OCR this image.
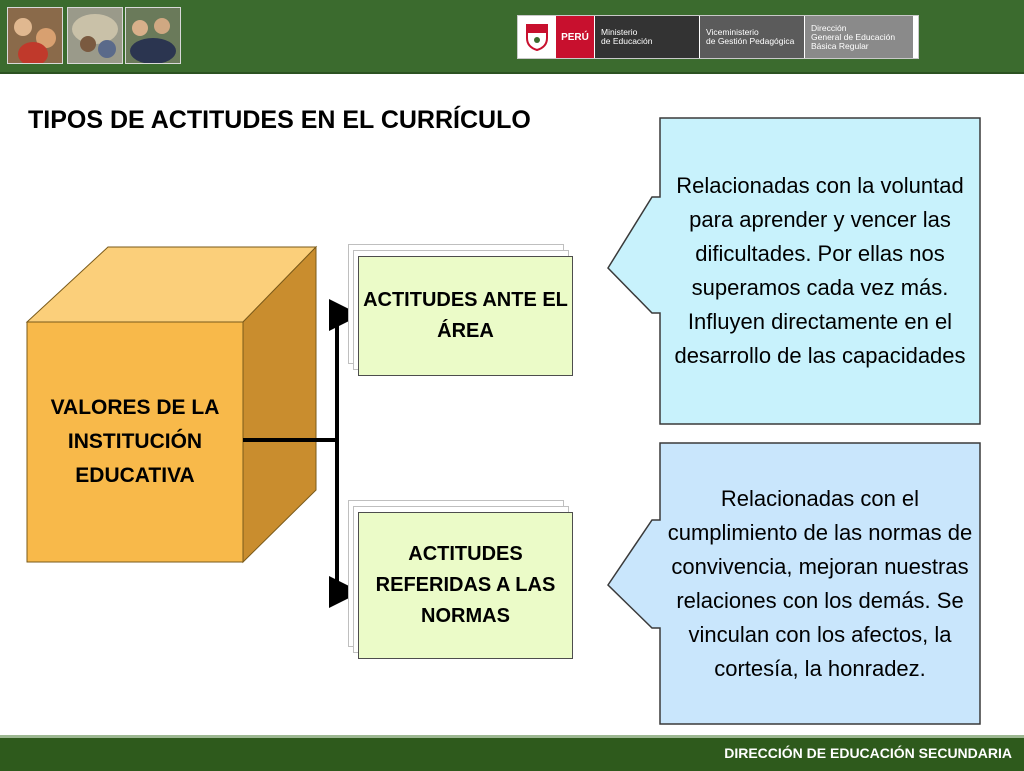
PERÚ	Ministerio
de Educación
Viceministerio
de Gestión Pedagógica
Dirección
General de Educación
Básica Regular
TIPOS DE ACTITUDES EN EL CURRÍCULO
VALORES DE LA INSTITUCIÓN EDUCATIVA
ACTITUDES ANTE EL ÁREA
ACTITUDES REFERIDAS A LAS NORMAS
Relacionadas con la voluntad para aprender y vencer las dificultades. Por ellas nos superamos cada vez más. Influyen directamente en el desarrollo de las capacidades
Relacionadas con el cumplimiento de las normas de convivencia, mejoran nuestras relaciones con los demás. Se vinculan con los afectos, la cortesía, la honradez.
DIRECCIÓN DE EDUCACIÓN SECUNDARIA
